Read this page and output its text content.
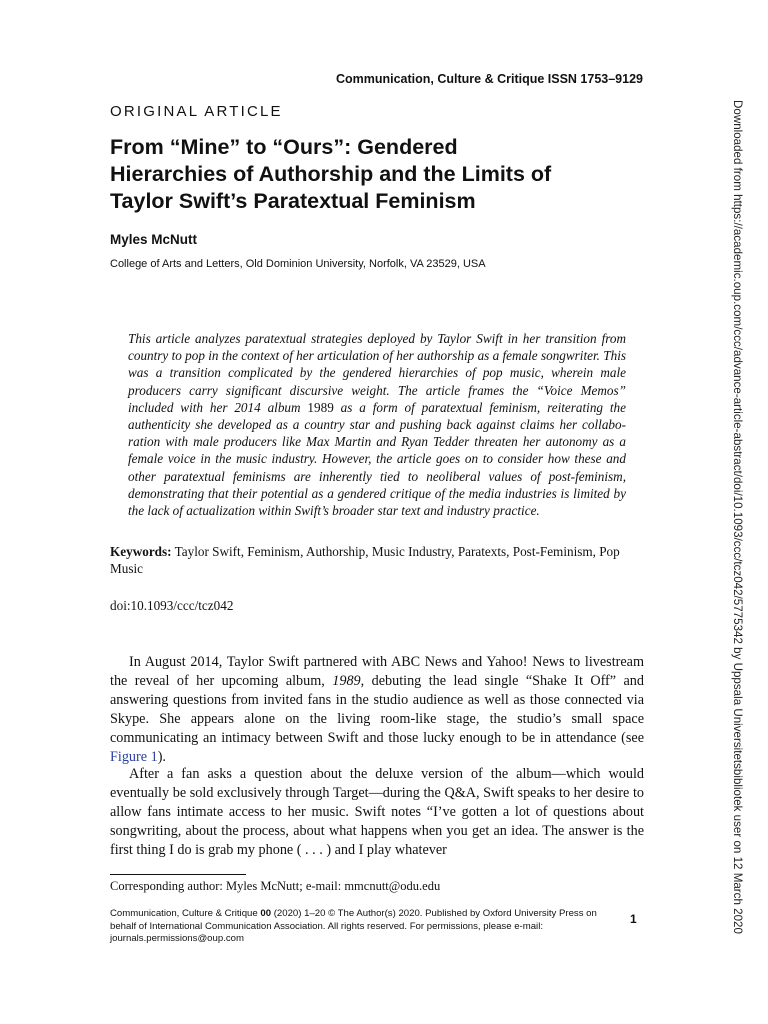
Communication, Culture & Critique ISSN 1753–9129
ORIGINAL ARTICLE
From “Mine” to “Ours”: Gendered
Hierarchies of Authorship and the Limits of
Taylor Swift’s Paratextual Feminism
Myles McNutt
College of Arts and Letters, Old Dominion University, Norfolk, VA 23529, USA

This article analyzes paratextual strategies deployed by Taylor Swift in her transition from country to pop in the context of her articulation of her authorship as a female songwriter. This was a transition complicated by the gendered hierarchies of pop music, wherein male producers carry significant discursive weight. The article frames the “Voice Memos” included with her 2014 album 1989 as a form of paratextual feminism, reiterating the authenticity she developed as a country star and pushing back against claims her collabo-ration with male producers like Max Martin and Ryan Tedder threaten her autonomy as a female voice in the music industry. However, the article goes on to consider how these and other paratextual feminisms are inherently tied to neoliberal values of post-feminism, demonstrating that their potential as a gendered critique of the media industries is limited by the lack of actualization within Swift’s broader star text and industry practice.

Keywords: Taylor Swift, Feminism, Authorship, Music Industry, Paratexts, Post-Feminism, Pop Music

doi:10.1093/ccc/tcz042

In August 2014, Taylor Swift partnered with ABC News and Yahoo! News to livestream the reveal of her upcoming album, 1989, debuting the lead single “Shake It Off” and answering questions from invited fans in the studio audience as well as those connected via Skype. She appears alone on the living room-like stage, the studio’s small space communicating an intimacy between Swift and those lucky enough to be in attendance (see Figure 1).

After a fan asks a question about the deluxe version of the album—which would eventually be sold exclusively through Target—during the Q&A, Swift speaks to her desire to allow fans intimate access to her music. Swift notes “I’ve gotten a lot of questions about songwriting, about the process, about what happens when you get an idea. The answer is the first thing I do is grab my phone ( . . . ) and I play whatever

Corresponding author: Myles McNutt; e-mail: mmcnutt@odu.edu
Communication, Culture & Critique 00 (2020) 1–20 © The Author(s) 2020. Published by Oxford University Press on
behalf of International Communication Association. All rights reserved. For permissions, please e-mail:
journals.permissions@oup.com
1	Downloaded from https://academic.oup.com/ccc/advance-article-abstract/doi/10.1093/ccc/tcz042/5775342 by Uppsala Universitetsbibliotek user on 12 March 2020
